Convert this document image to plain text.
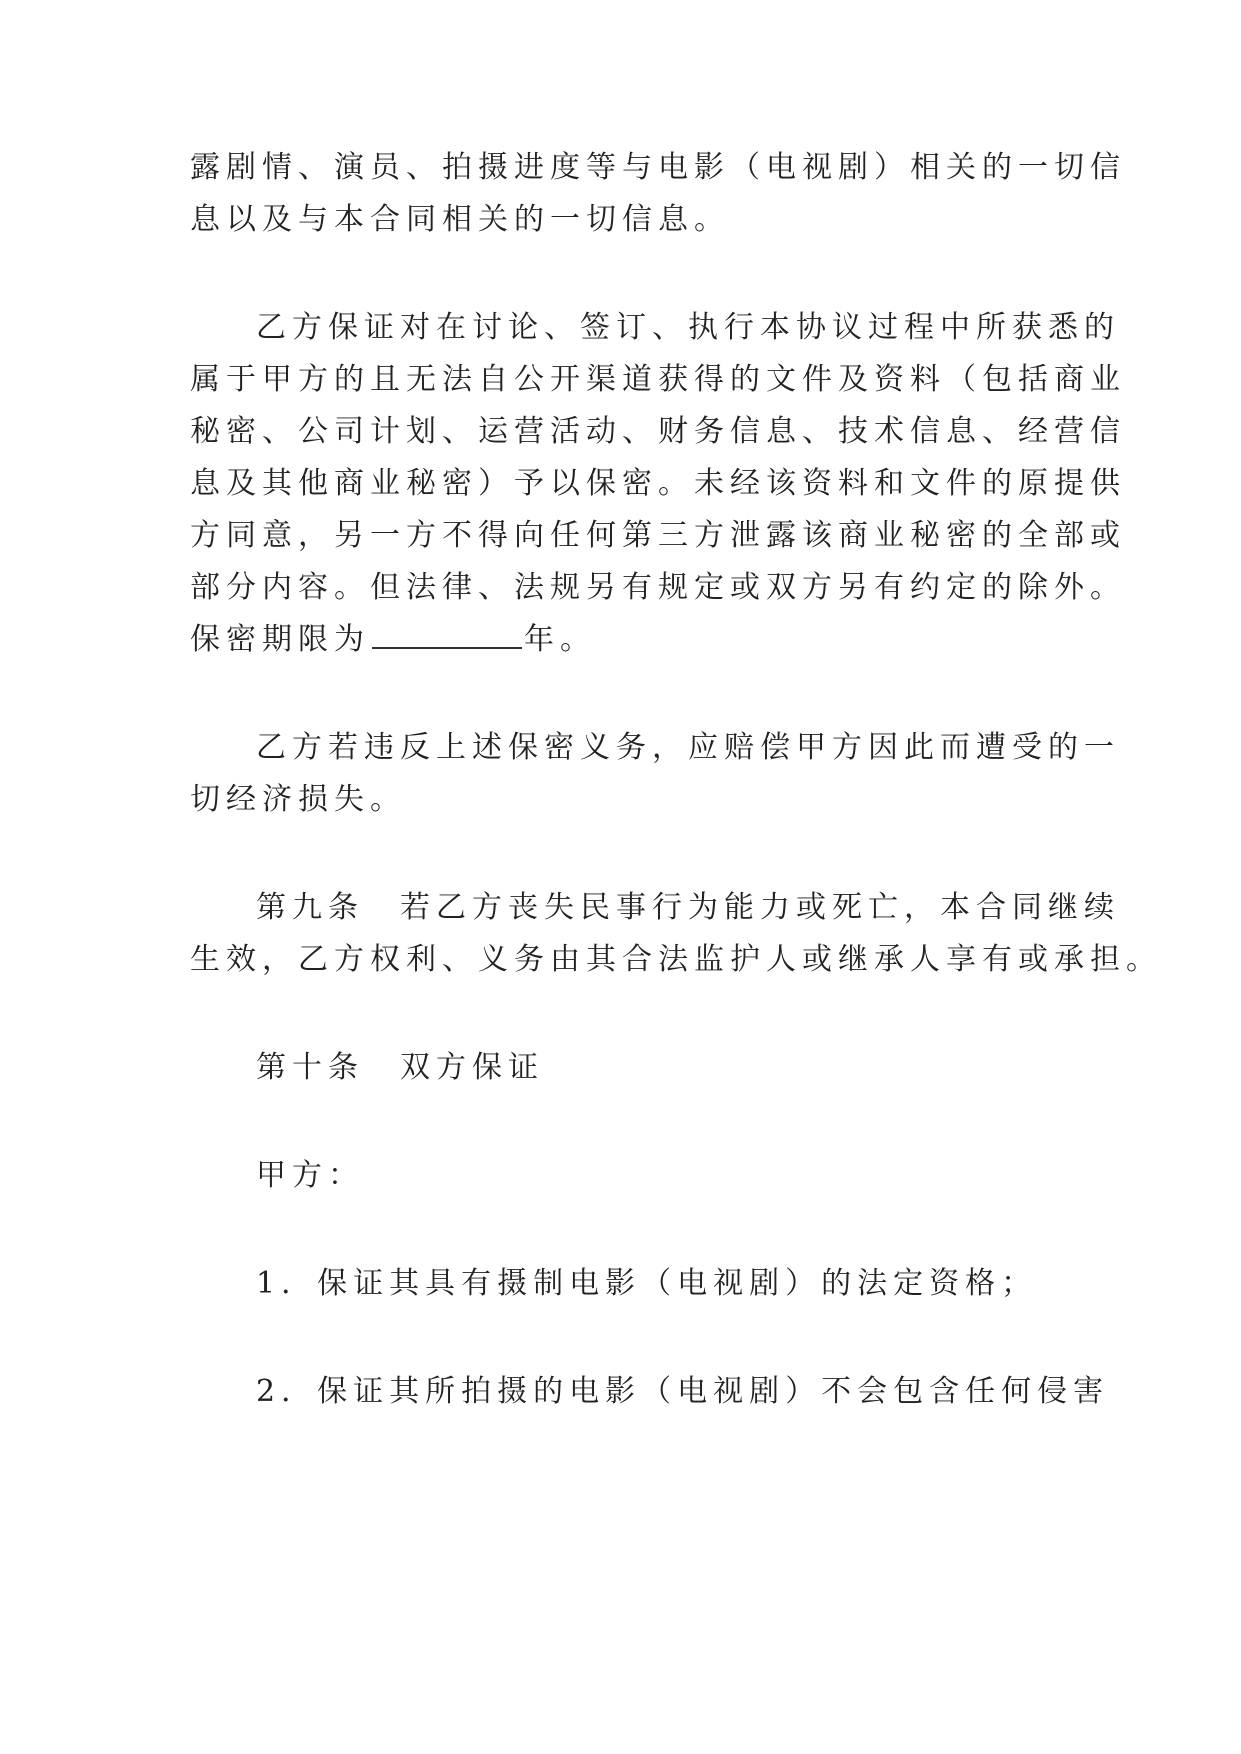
露剧情、演员、拍摄进度等与电影（电视剧）相关的一切信
息以及与本合同相关的一切信息。
乙方保证对在讨论、签订、执行本协议过程中所获悉的
属于甲方的且无法自公开渠道获得的文件及资料（包括商业
秘密、公司计划、运营活动、财务信息、技术信息、经营信
息及其他商业秘密）予以保密。未经该资料和文件的原提供
方同意，另一方不得向任何第三方泄露该商业秘密的全部或
部分内容。但法律、法规另有规定或双方另有约定的除外。
保密期限为	年。
乙方若违反上述保密义务，应赔偿甲方因此而遭受的一
切经济损失。
第九条　若乙方丧失民事行为能力或死亡，本合同继续
生效，乙方权利、义务由其合法监护人或继承人享有或承担。
第十条　双方保证
甲方：
1．保证其具有摄制电影（电视剧）的法定资格；
2．保证其所拍摄的电影（电视剧）不会包含任何侵害
